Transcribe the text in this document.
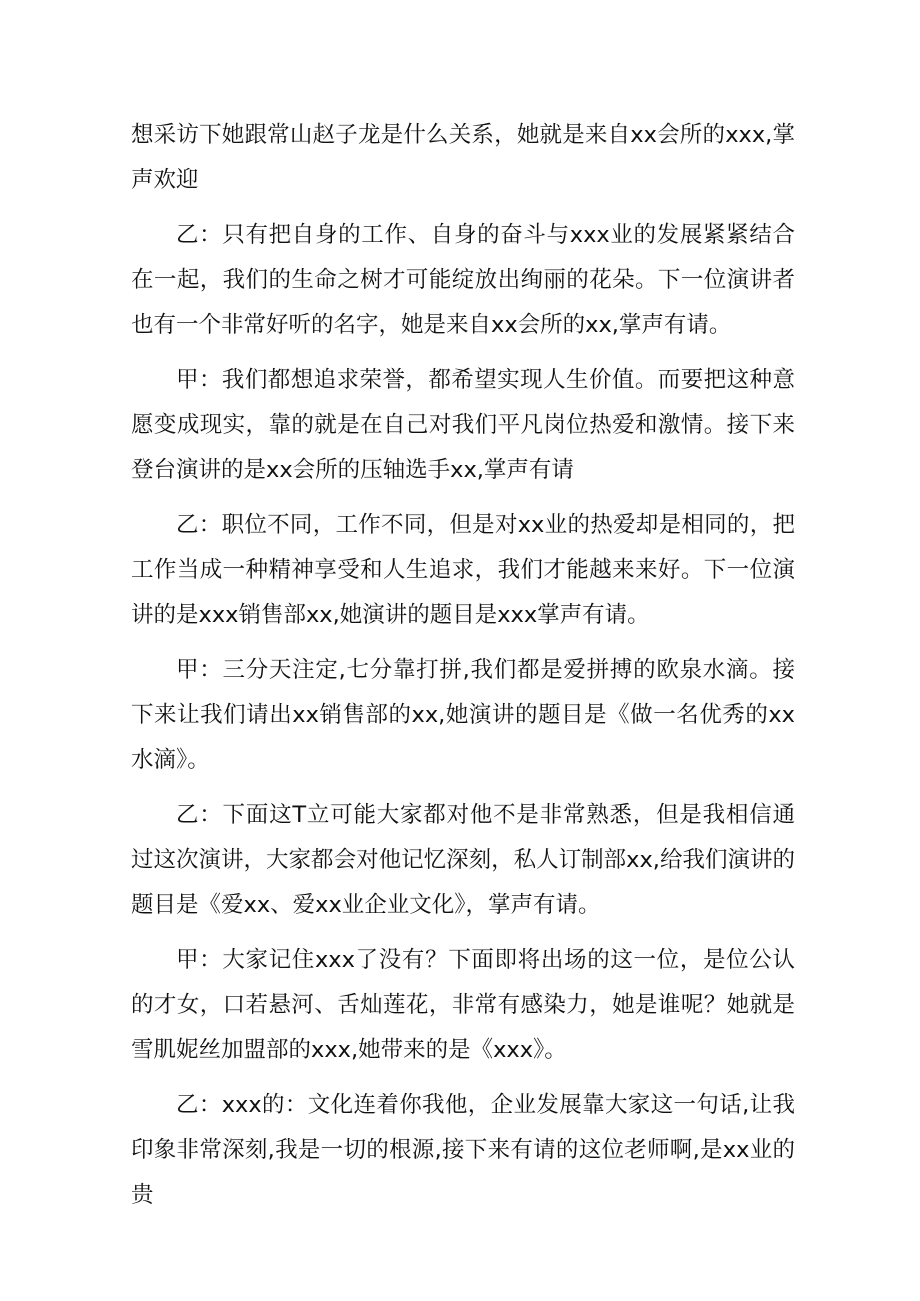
想采访下她跟常山赵子龙是什么关系，她就是来自xx会所的xxx,掌声欢迎

乙：只有把自身的工作、自身的奋斗与xxx业的发展紧紧结合在一起，我们的生命之树才可能绽放出绚丽的花朵。下一位演讲者也有一个非常好听的名字，她是来自xx会所的xx,掌声有请。

甲：我们都想追求荣誉，都希望实现人生价值。而要把这种意愿变成现实，靠的就是在自己对我们平凡岗位热爱和激情。接下来登台演讲的是xx会所的压轴选手xx,掌声有请

乙：职位不同，工作不同，但是对xx业的热爱却是相同的，把工作当成一种精神享受和人生追求，我们才能越来来好。下一位演讲的是xxx销售部xx,她演讲的题目是xxx掌声有请。

甲：三分天注定,七分靠打拼,我们都是爱拼搏的欧泉水滴。接下来让我们请出xx销售部的xx,她演讲的题目是《做一名优秀的xx水滴》。

乙：下面这T立可能大家都对他不是非常熟悉，但是我相信通过这次演讲，大家都会对他记忆深刻，私人订制部xx,给我们演讲的题目是《爱xx、爱xx业企业文化》，掌声有请。

甲：大家记住xxx了没有？下面即将出场的这一位，是位公认的才女，口若悬河、舌灿莲花，非常有感染力，她是谁呢？她就是雪肌妮丝加盟部的xxx,她带来的是《xxx》。

乙：xxx的：文化连着你我他，企业发展靠大家这一句话,让我印象非常深刻,我是一切的根源,接下来有请的这位老师啊,是xx业的贵
